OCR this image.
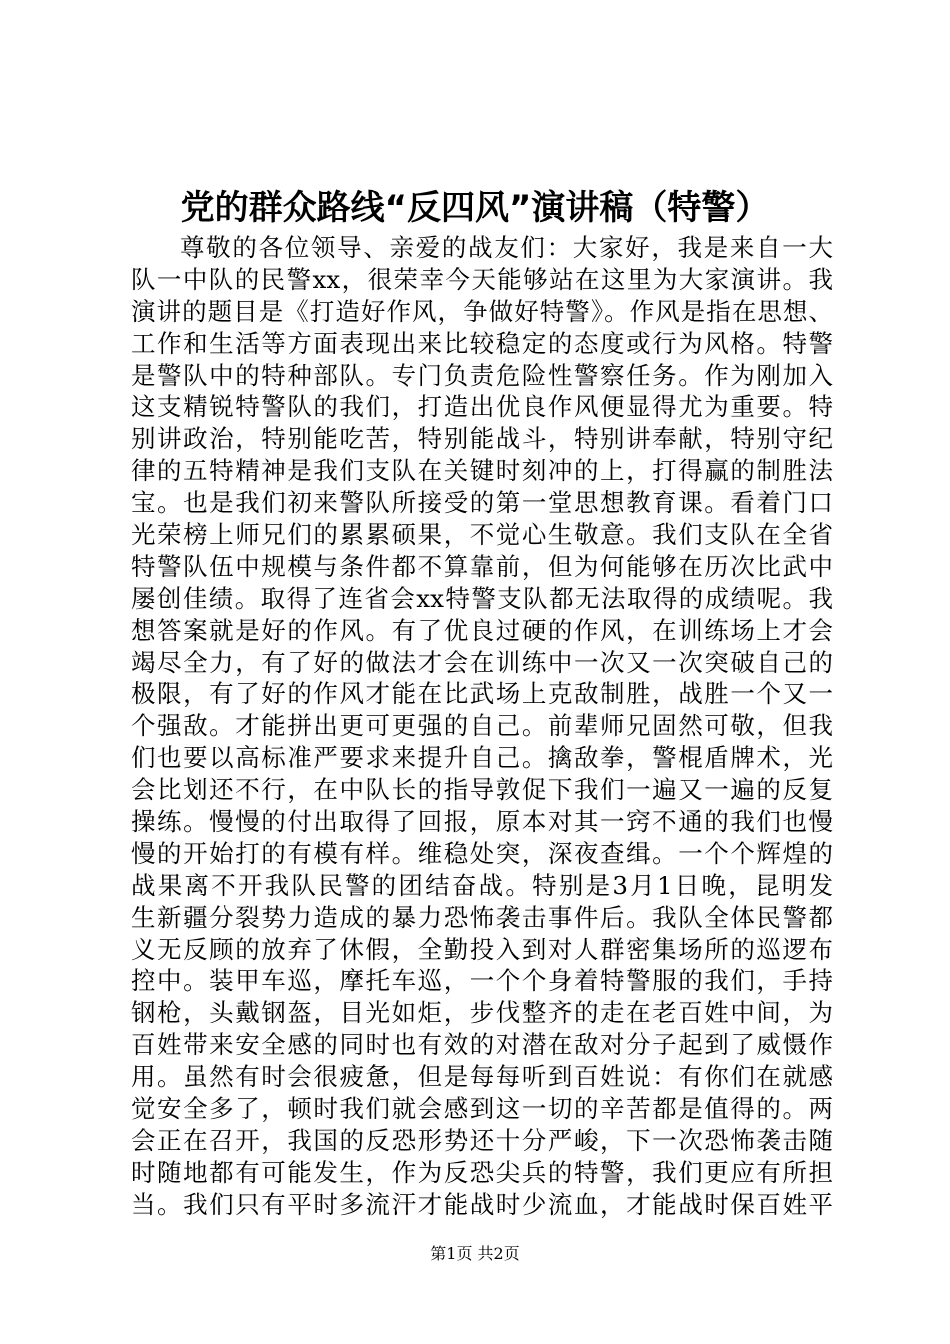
党的群众路线“反四风”演讲稿（特警）
尊敬的各位领导、亲爱的战友们：大家好，我是来自一大
队一中队的民警xx，很荣幸今天能够站在这里为大家演讲。我
演讲的题目是《打造好作风，争做好特警》。作风是指在思想、
工作和生活等方面表现出来比较稳定的态度或行为风格。特警
是警队中的特种部队。专门负责危险性警察任务。作为刚加入
这支精锐特警队的我们，打造出优良作风便显得尤为重要。特
别讲政治，特别能吃苦，特别能战斗，特别讲奉献，特别守纪
律的五特精神是我们支队在关键时刻冲的上，打得赢的制胜法
宝。也是我们初来警队所接受的第一堂思想教育课。看着门口
光荣榜上师兄们的累累硕果，不觉心生敬意。我们支队在全省
特警队伍中规模与条件都不算靠前，但为何能够在历次比武中
屡创佳绩。取得了连省会xx特警支队都无法取得的成绩呢。我
想答案就是好的作风。有了优良过硬的作风，在训练场上才会
竭尽全力，有了好的做法才会在训练中一次又一次突破自己的
极限，有了好的作风才能在比武场上克敌制胜，战胜一个又一
个强敌。才能拼出更可更强的自己。前辈师兄固然可敬，但我
们也要以高标准严要求来提升自己。擒敌拳，警棍盾牌术，光
会比划还不行，在中队长的指导敦促下我们一遍又一遍的反复
操练。慢慢的付出取得了回报，原本对其一窍不通的我们也慢
慢的开始打的有模有样。维稳处突，深夜查缉。一个个辉煌的
战果离不开我队民警的团结奋战。特别是3月1日晚，昆明发
生新疆分裂势力造成的暴力恐怖袭击事件后。我队全体民警都
义无反顾的放弃了休假，全勤投入到对人群密集场所的巡逻布
控中。装甲车巡，摩托车巡，一个个身着特警服的我们，手持
钢枪，头戴钢盔，目光如炬，步伐整齐的走在老百姓中间，为
百姓带来安全感的同时也有效的对潜在敌对分子起到了威慑作
用。虽然有时会很疲惫，但是每每听到百姓说：有你们在就感
觉安全多了，顿时我们就会感到这一切的辛苦都是值得的。两
会正在召开，我国的反恐形势还十分严峻，下一次恐怖袭击随
时随地都有可能发生，作为反恐尖兵的特警，我们更应有所担
当。我们只有平时多流汗才能战时少流血，才能战时保百姓平
第1页 共2页
